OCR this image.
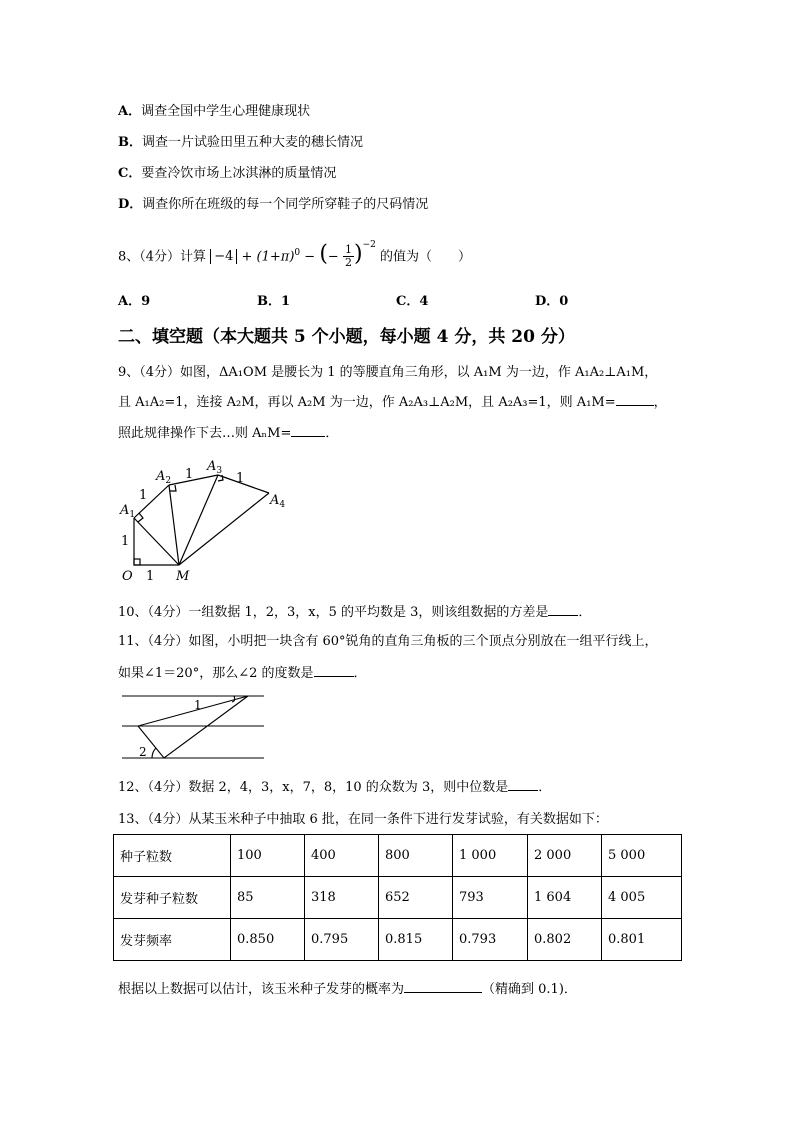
A．调查全国中学生心理健康现状
B．调查一片试验田里五种大麦的穗长情况
C．要查冷饮市场上冰淇淋的质量情况
D．调查你所在班级的每一个同学所穿鞋子的尺码情况
8、（4分）计算 $-4 + (1+\pi)^0$ − (− $\frac{1}{2} )^{-2}$ 的值为（　　）
A．9	B．1	C．4	D．0
二、填空题（本大题共 5 个小题，每小题 4 分，共 20 分）
9、（4分）如图，ΔA₁OM 是腰长为 1 的等腰直角三角形，以 A₁M 为一边，作 A₁A₂⊥A₁M，
且 A₁A₂=1，连接 A₂M，再以 A₂M 为一边，作 A₂A₃⊥A₂M，且 A₂A₃=1，则 A₁M=	，
照此规律操作下去…则 AₙM=	．
$A_1$
$A_2$
$A_3$
$A_4$
O	M
1
1
1
1	1
10、（4分）一组数据 1，2，3，x，5 的平均数是 3，则该组数据的方差是 ．
11、（4分）如图，小明把一块含有 60°锐角的直角三角板的三个顶点分别放在一组平行线上，
如果∠1＝20°，那么∠2 的度数是	．
1
2
12、（4分）数据 2，4，3，x，7，8，10 的众数为 3，则中位数是 ．
13、（4分）从某玉米种子中抽取 6 批，在同一条件下进行发芽试验，有关数据如下：
种子粒数	100	400	800	1 000	2 000	5 000
发芽种子粒数	85	318	652	793	1 604	4 005
发芽频率	0.850	0.795	0.815	0.793	0.802	0.801
根据以上数据可以估计，该玉米种子发芽的概率为	（精确到 0.1)．
